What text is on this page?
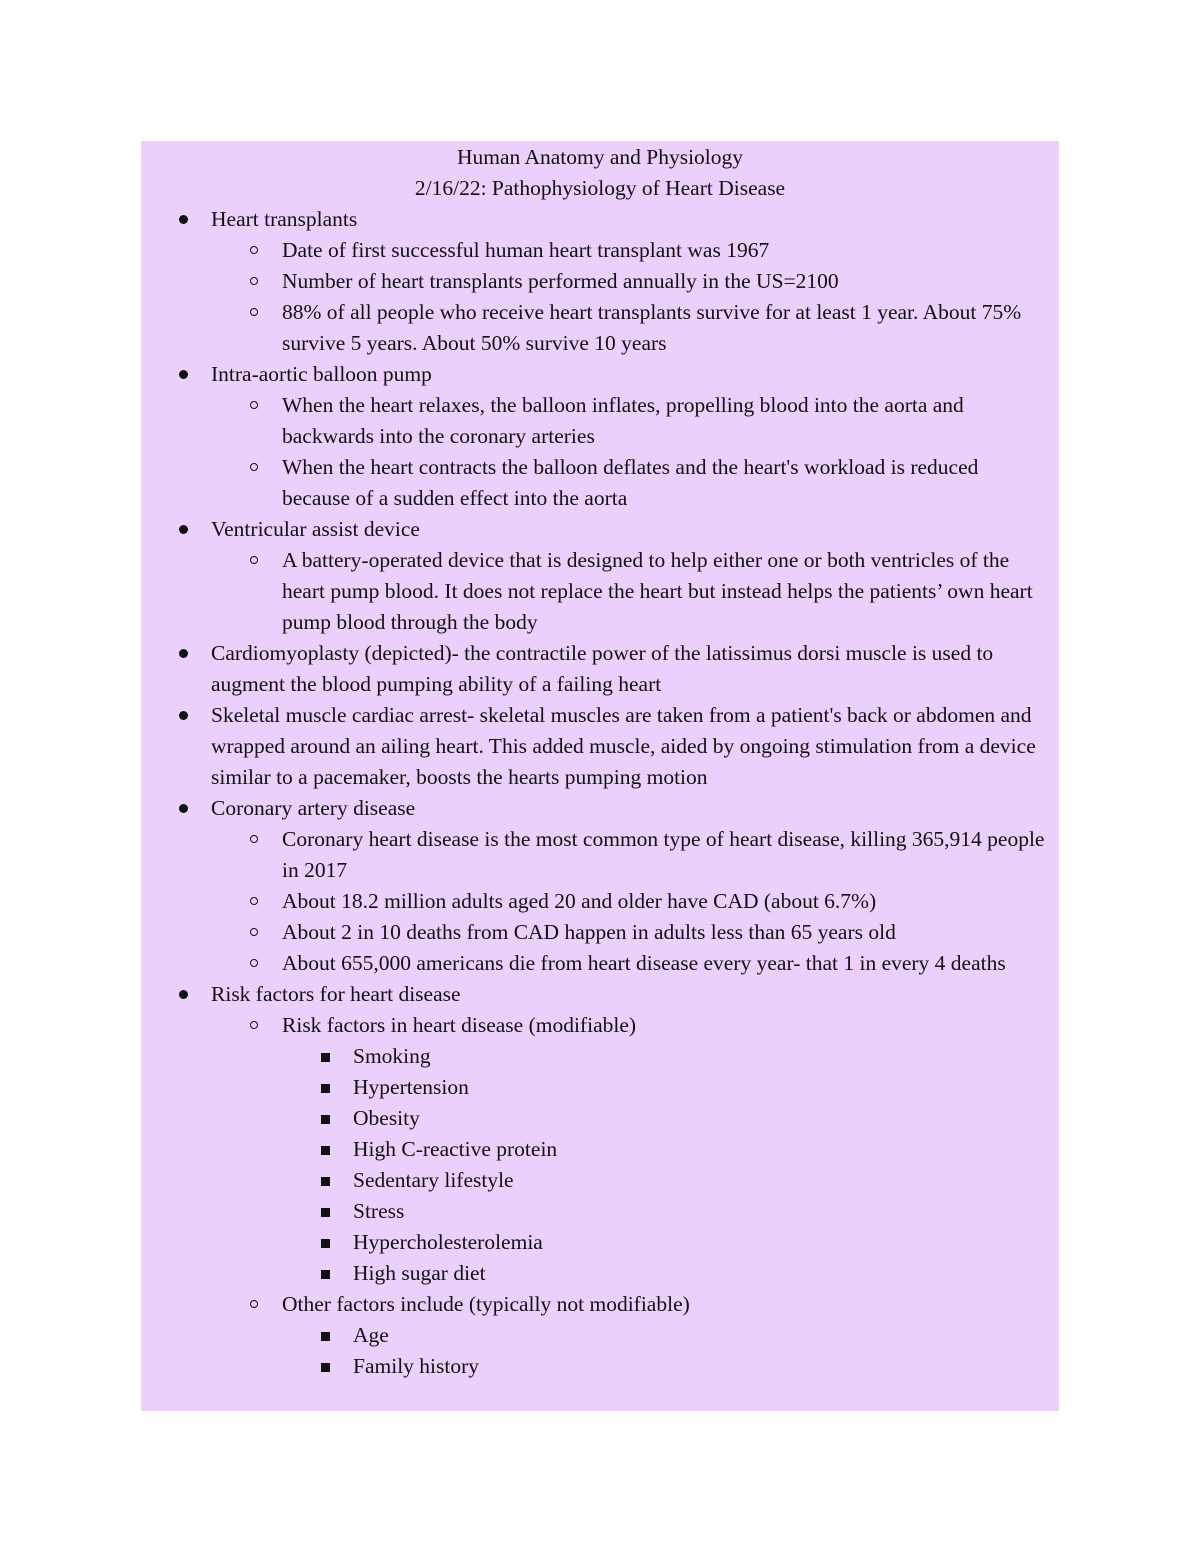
Human Anatomy and Physiology

2/16/22: Pathophysiology of Heart Disease

Heart transplants
Date of first successful human heart transplant was 1967
Number of heart transplants performed annually in the US=2100
88% of all people who receive heart transplants survive for at least 1 year. About 75% survive 5 years. About 50% survive 10 years
Intra-aortic balloon pump
When the heart relaxes, the balloon inflates, propelling blood into the aorta and backwards into the coronary arteries
When the heart contracts the balloon deflates and the heart's workload is reduced because of a sudden effect into the aorta
Ventricular assist device
A battery-operated device that is designed to help either one or both ventricles of the heart pump blood. It does not replace the heart but instead helps the patients’ own heart pump blood through the body
Cardiomyoplasty (depicted)- the contractile power of the latissimus dorsi muscle is used to augment the blood pumping ability of a failing heart
Skeletal muscle cardiac arrest- skeletal muscles are taken from a patient's back or abdomen and wrapped around an ailing heart. This added muscle, aided by ongoing stimulation from a device similar to a pacemaker, boosts the hearts pumping motion
Coronary artery disease
Coronary heart disease is the most common type of heart disease, killing 365,914 people in 2017
About 18.2 million adults aged 20 and older have CAD (about 6.7%)
About 2 in 10 deaths from CAD happen in adults less than 65 years old
About 655,000 americans die from heart disease every year- that 1 in every 4 deaths
Risk factors for heart disease
Risk factors in heart disease (modifiable)
Smoking
Hypertension
Obesity
High C-reactive protein
Sedentary lifestyle
Stress
Hypercholesterolemia
High sugar diet
Other factors include (typically not modifiable)
Age
Family history
